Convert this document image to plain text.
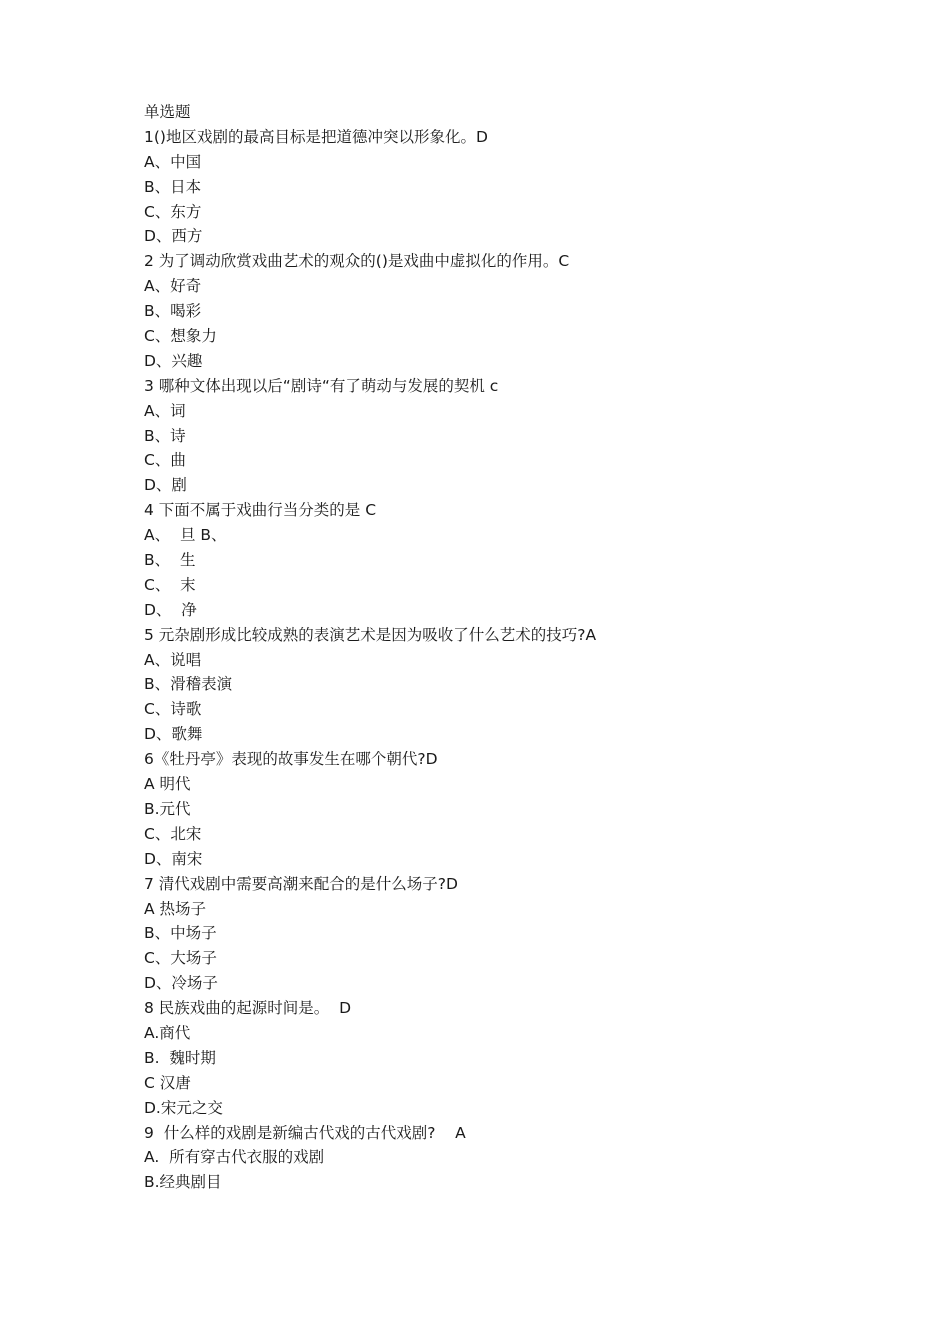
单选题
1()地区戏剧的最高目标是把道德冲突以形象化。D
A、中国
B、日本
C、东方
D、西方
2 为了调动欣赏戏曲艺术的观众的()是戏曲中虚拟化的作用。C
A、好奇
B、喝彩
C、想象力
D、兴趣
3 哪种文体出现以后“剧诗“有了萌动与发展的契机 c
A、词
B、诗
C、曲
D、剧
4 下面不属于戏曲行当分类的是 C
A、  旦 B、
B、  生
C、  末
D、  净
5 元杂剧形成比较成熟的表演艺术是因为吸收了什么艺术的技巧?A
A、说唱
B、滑稽表演
C、诗歌
D、歌舞
6《牡丹亭》表现的故事发生在哪个朝代?D
A 明代
B.元代
C、北宋
D、南宋
7 清代戏剧中需要高潮来配合的是什么场子?D
A 热场子
B、中场子
C、大场子
D、冷场子
8 民族戏曲的起源时间是。  D
A.商代
B.  魏时期
C 汉唐
D.宋元之交
9  什么样的戏剧是新编古代戏的古代戏剧?    A
A.  所有穿古代衣服的戏剧
B.经典剧目
